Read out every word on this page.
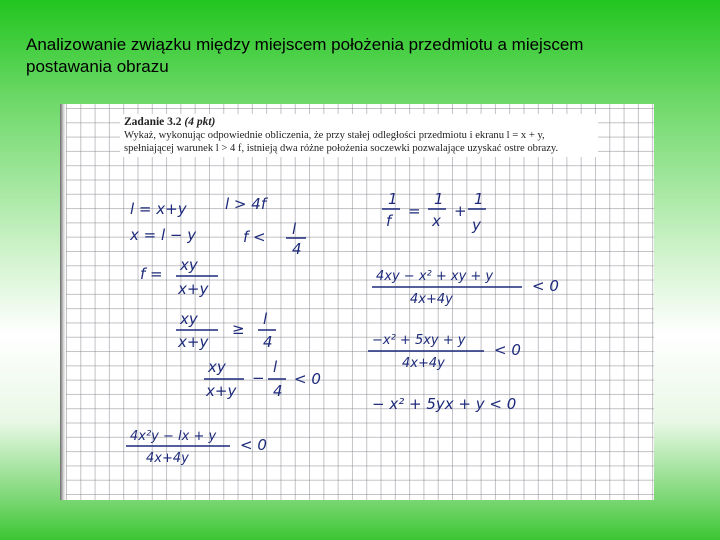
Analizowanie związku między miejscem położenia przedmiotu a miejscem postawania obrazu
Zadanie 3.2 (4 pkt)
Wykaż, wykonując odpowiednie obliczenia, że przy stałej odległości przedmiotu i ekranu l = x + y, spełniającej warunek l > 4 f, istnieją dwa różne położenia soczewki pozwalające uzyskać ostre obrazy.
l = x+y	l > 4f
x = l − y	f < l
4
f = xy
x+y
xy
x+y
≥
l
4
xy
x+y
−
l
4
< 0
4x²y − lx + y
4x+4y
< 0
1
f
=
1
x
+
1
y
4xy − x² + xy + y
4x+4y
< 0
−x² + 5xy + y
4x+4y
< 0
− x² + 5yx + y < 0
